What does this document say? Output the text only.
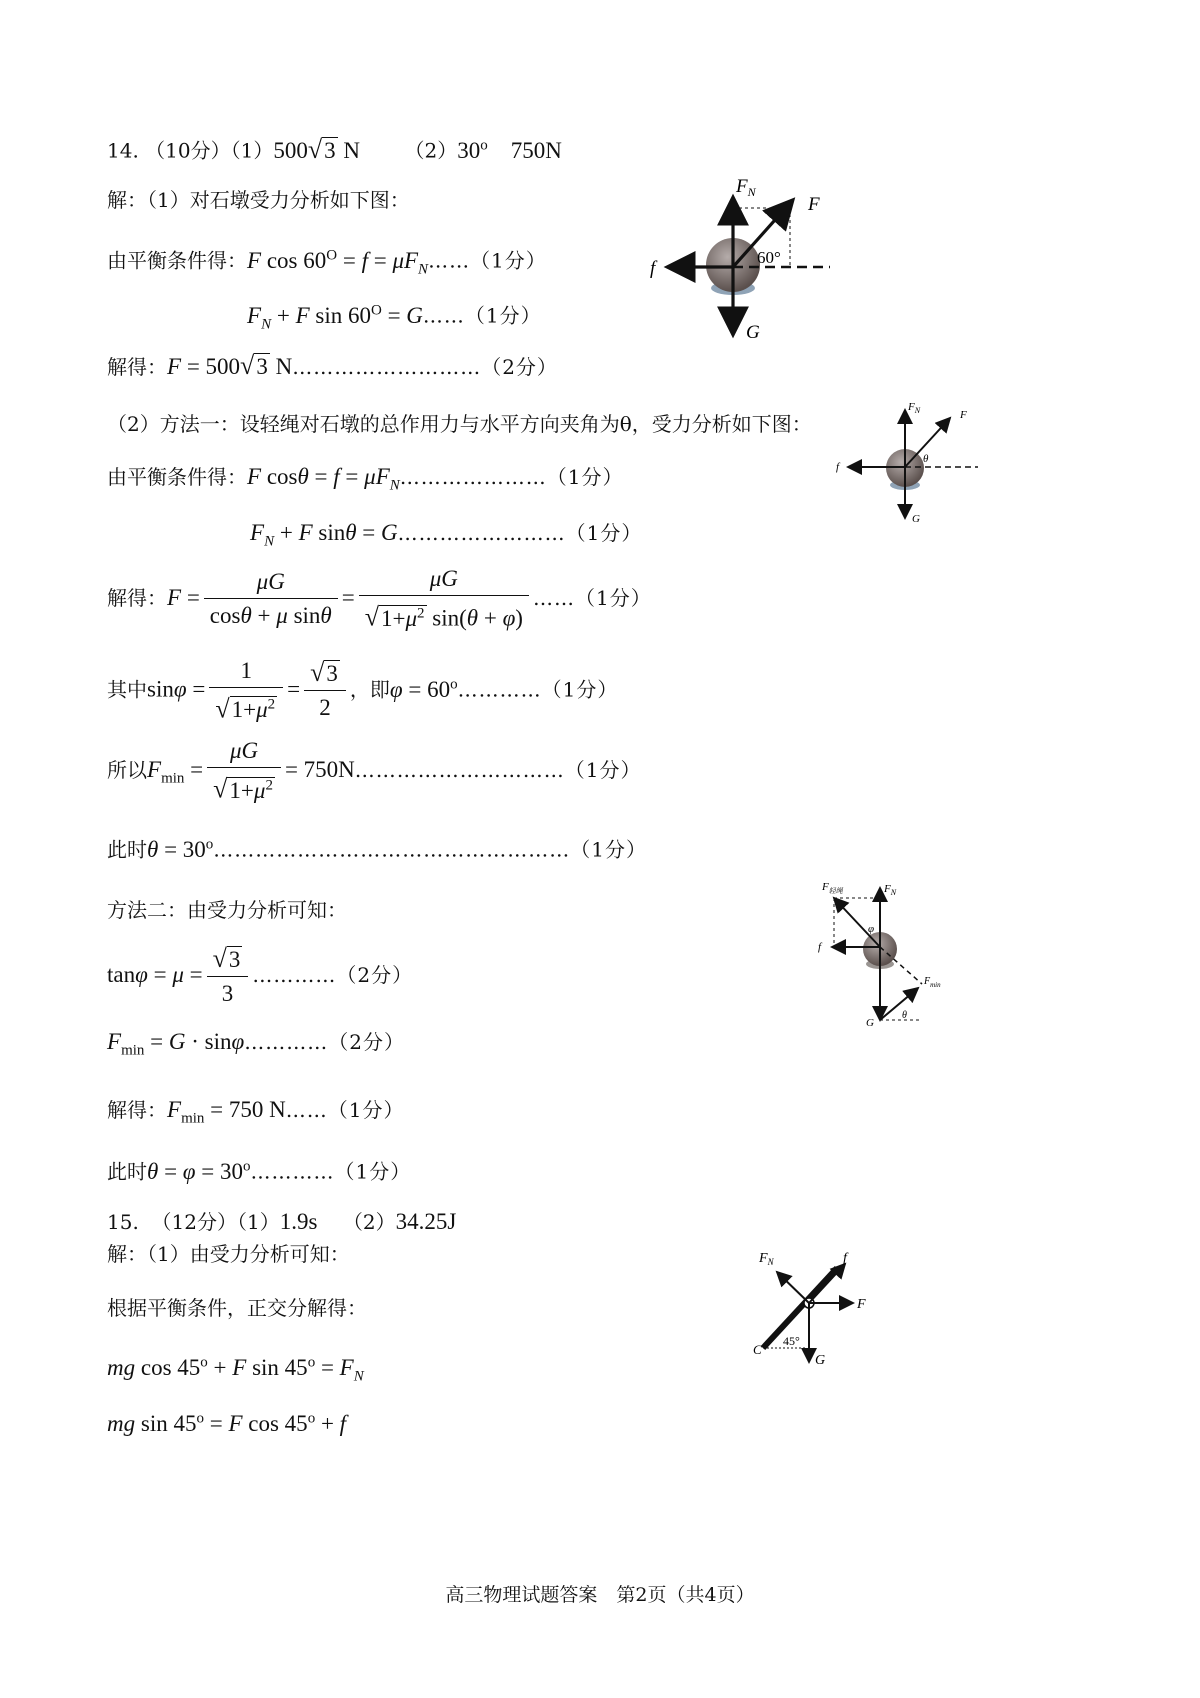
14. （10分）（1）500√3 N （2）30$^o$ 750N
解：（1）对石墩受力分析如下图：
由平衡条件得：F $\cos 60^O = f$ = $\mu F_N\dots\dots(1$分）
$F_N + F$ $\sin 60^O$ = G……（1分）
解得：F = 500√3 N………………………（2分）
（2）方法一：设轻绳对石墩的总作用力与水平方向夹角为θ，受力分析如下图：
由平衡条件得：F $\cos\theta = f = \mu F_N\dots\dots\dots\dots\dots\dots\dots(1$分）
$F_N + F$ sinθ = G……………………（1分）
解得：$F = \frac{\mu G}{\text{cosθ + μ sinθ}} = \frac{\mu G}{√1+\mu^2 \sin(\theta + \varphi)}$ ……（1分）
其中$\sin\varphi = \frac{1}{√1+\mu^2} = \frac{√3}{2}$ ，即$\varphi = 60^o\dots\dots\dots\dots(1$分）
所以$F_{min} = \frac{\mu G}{√1+\mu^2}$ = 750N…………………………（1分）
此时$\theta = 30^o\dots\dots\dots\dots\dots\dots\dots\dots\dots\dots\dots\dots\dots\dots\dots\dots\dots(1$分）
方法二：由受力分析可知：
$\tan\varphi = \mu = \frac{√3}{3}$ …………（2分）
$F_{min} = G$ · sinφ…………（2分）
解得：$F_{min} = 750$ N……（1分）
此时$\theta = \varphi = 30^o\dots\dots\dots\dots(1$分）
15. （12分）（1）1.9s （2）34.25J
解：（1）由受力分析可知：
根据平衡条件，正交分解得：
mg $\cos 45^o + F$ $\sin 45^o = F_N$
mg $\sin 45^o = F$ $\cos 45^o + f$
$F_N$
F
f
G
60°
$F_N$	F
f
θ
G
$F_{轻绳}$	$F_N$
f
φ
$F_{min}$
G
θ
$F_N$	f
F
C
45°
G
高三物理试题答案　第2页（共4页）
